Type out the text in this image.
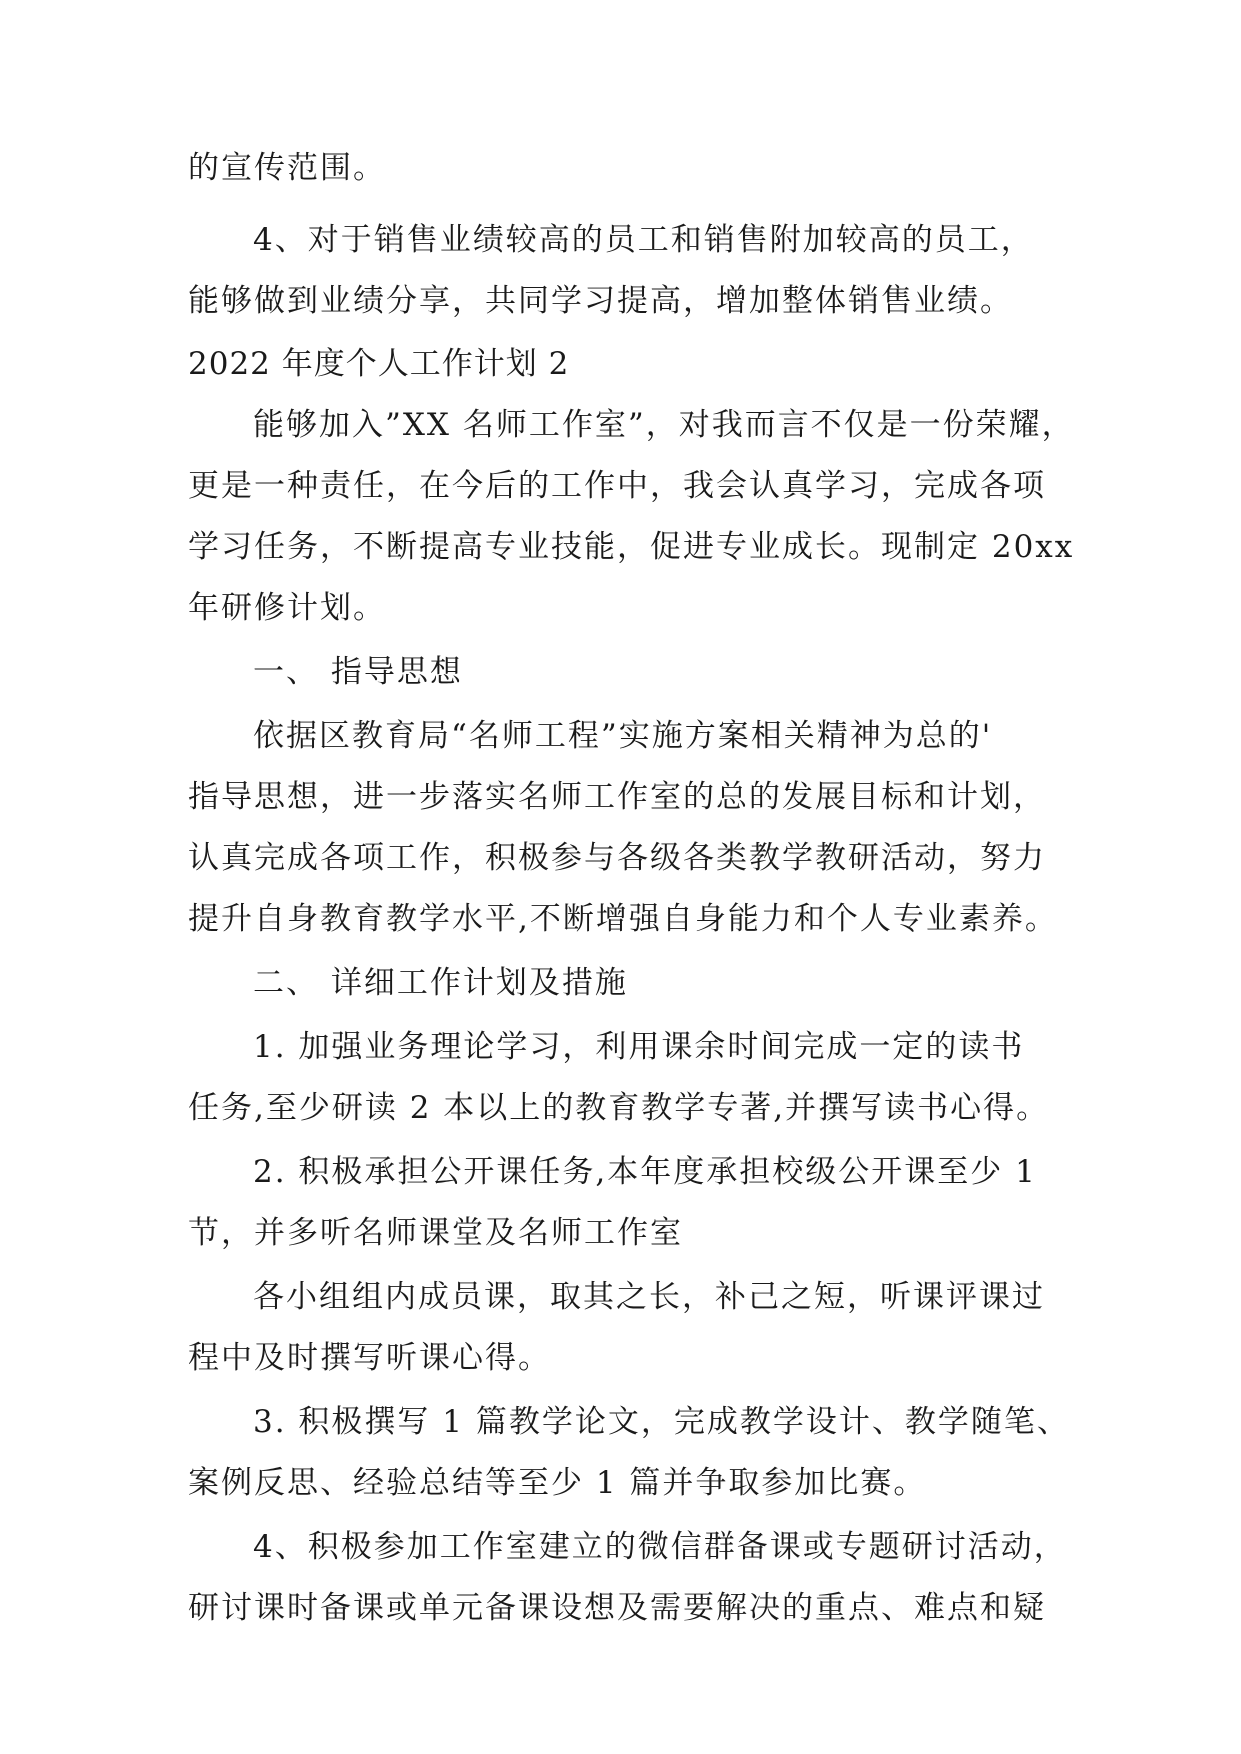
的宣传范围。
4、对于销售业绩较高的员工和销售附加较高的员工，
能够做到业绩分享，共同学习提高，增加整体销售业绩。
2022 年度个人工作计划 2
能够加入”XX 名师工作室”，对我而言不仅是一份荣耀，
更是一种责任，在今后的工作中，我会认真学习，完成各项
学习任务，不断提高专业技能，促进专业成长。现制定 20xx
年研修计划。
一、 指导思想
依据区教育局“名师工程”实施方案相关精神为总的'
指导思想，进一步落实名师工作室的总的发展目标和计划，
认真完成各项工作，积极参与各级各类教学教研活动，努力
提升自身教育教学水平,不断增强自身能力和个人专业素养。
二、 详细工作计划及措施
1. 加强业务理论学习，利用课余时间完成一定的读书
任务,至少研读 2 本以上的教育教学专著,并撰写读书心得。
2. 积极承担公开课任务,本年度承担校级公开课至少 1
节，并多听名师课堂及名师工作室
各小组组内成员课，取其之长，补己之短，听课评课过
程中及时撰写听课心得。
3. 积极撰写 1 篇教学论文，完成教学设计、教学随笔、
案例反思、经验总结等至少 1 篇并争取参加比赛。
4、积极参加工作室建立的微信群备课或专题研讨活动，
研讨课时备课或单元备课设想及需要解决的重点、难点和疑
